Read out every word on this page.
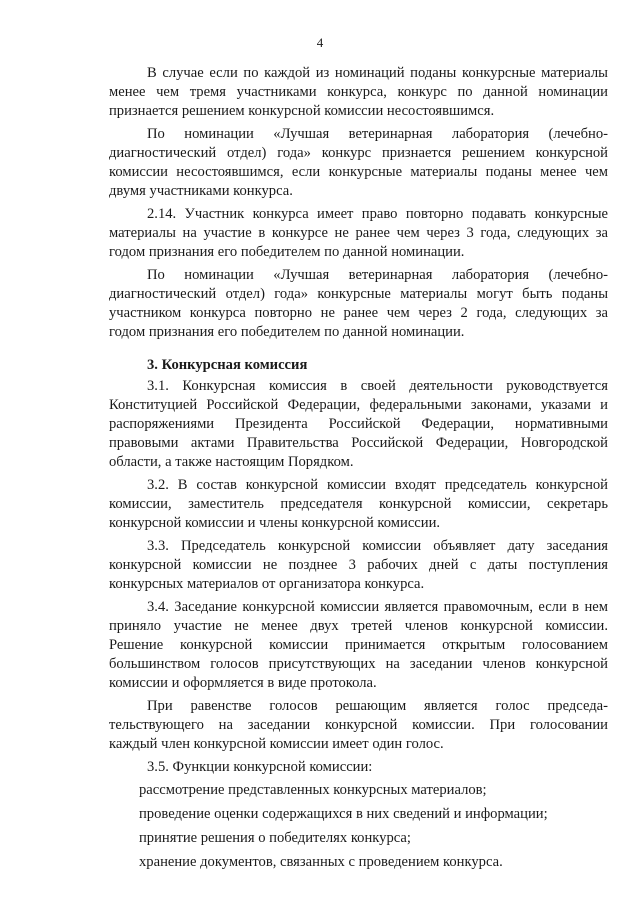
4
В случае если по каждой из номинаций поданы конкурсные материалы
менее чем тремя участниками конкурса, конкурс по данной номинации
признается решением конкурсной комиссии несостоявшимся.
По номинации «Лучшая ветеринарная лаборатория (лечебно-
диагностический отдел) года» конкурс признается решением конкурсной
комиссии несостоявшимся, если конкурсные материалы поданы менее чем
двумя участниками конкурса.
2.14. Участник конкурса имеет право повторно подавать конкурсные
материалы на участие в конкурсе не ранее чем через 3 года, следующих за
годом признания его победителем по данной номинации.
По номинации «Лучшая ветеринарная лаборатория (лечебно-
диагностический отдел) года» конкурсные материалы могут быть поданы
участником конкурса повторно не ранее чем через 2 года, следующих за
годом признания его победителем по данной номинации.
3. Конкурсная комиссия
3.1. Конкурсная комиссия в своей деятельности руководствуется
Конституцией Российской Федерации, федеральными законами, указами и
распоряжениями Президента Российской Федерации, нормативными
правовыми актами Правительства Российской Федерации, Новгородской
области, а также настоящим Порядком.
3.2. В состав конкурсной комиссии входят председатель конкурсной
комиссии, заместитель председателя конкурсной комиссии, секретарь
конкурсной комиссии и члены конкурсной комиссии.
3.3. Председатель конкурсной комиссии объявляет дату заседания
конкурсной комиссии не позднее 3 рабочих дней с даты поступления
конкурсных материалов от организатора конкурса.
3.4. Заседание конкурсной комиссии является правомочным, если в нем
приняло участие не менее двух третей членов конкурсной комиссии.
Решение конкурсной комиссии принимается открытым голосованием
большинством голосов присутствующих на заседании членов конкурсной
комиссии и оформляется в виде протокола.
При равенстве голосов решающим является голос председа-
тельствующего на заседании конкурсной комиссии. При голосовании
каждый член конкурсной комиссии имеет один голос.
3.5. Функции конкурсной комиссии:
рассмотрение представленных конкурсных материалов;
проведение оценки содержащихся в них сведений и информации;
принятие решения о победителях конкурса;
хранение документов, связанных с проведением конкурса.
